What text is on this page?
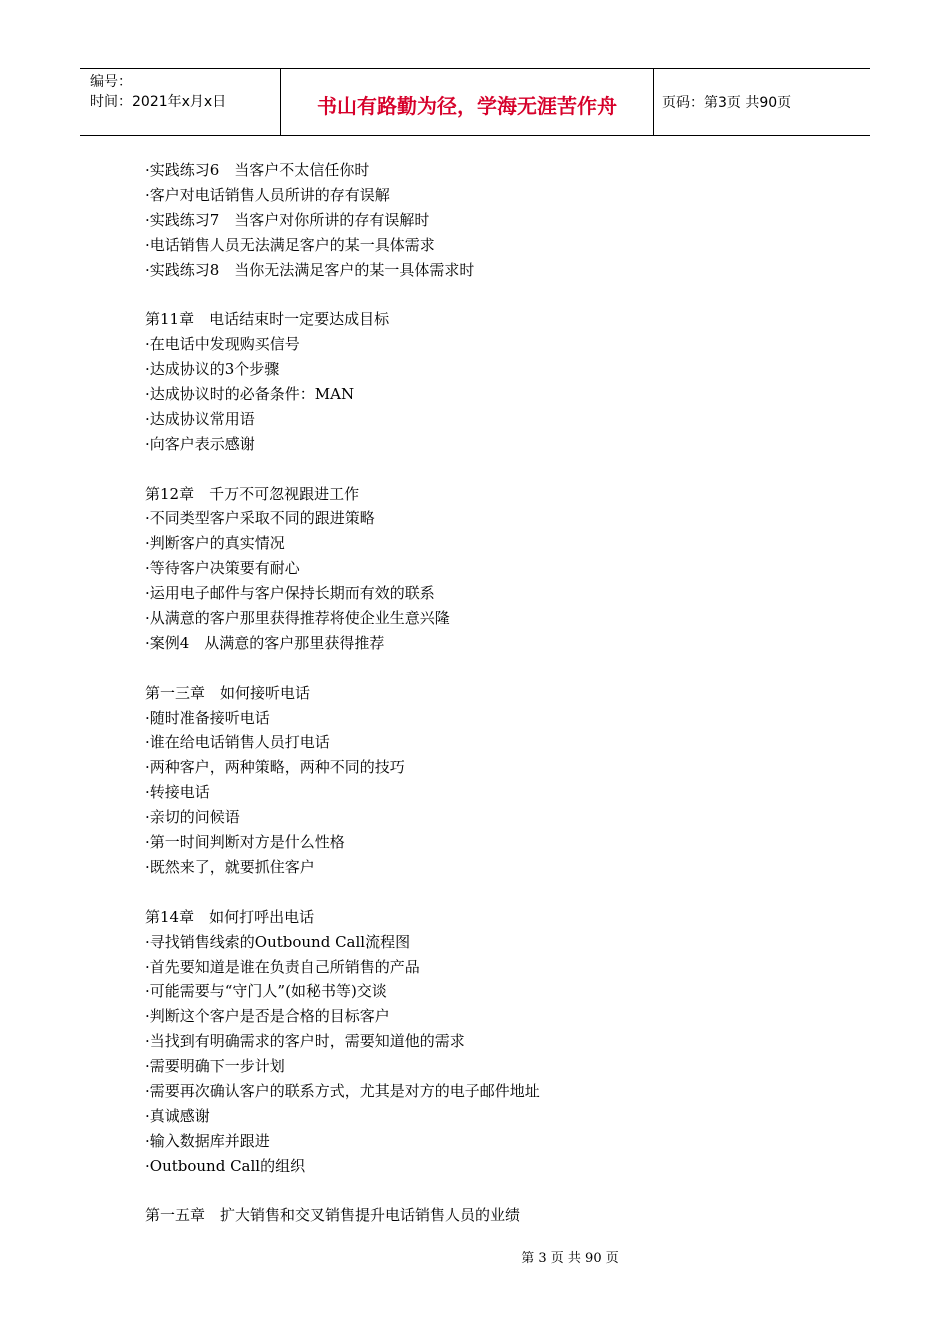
编号：
时间：2021年x月x日	书山有路勤为径，学海无涯苦作舟	页码：第3页 共90页
·实践练习6　当客户不太信任你时
·客户对电话销售人员所讲的存有误解
·实践练习7　当客户对你所讲的存有误解时
·电话销售人员无法满足客户的某一具体需求
·实践练习8　当你无法满足客户的某一具体需求时
第11章　电话结束时一定要达成目标
·在电话中发现购买信号
·达成协议的3个步骤
·达成协议时的必备条件：MAN
·达成协议常用语
·向客户表示感谢
第12章　千万不可忽视跟进工作
·不同类型客户采取不同的跟进策略
·判断客户的真实情况
·等待客户决策要有耐心
·运用电子邮件与客户保持长期而有效的联系
·从满意的客户那里获得推荐将使企业生意兴隆
·案例4　从满意的客户那里获得推荐
第一三章　如何接听电话
·随时准备接听电话
·谁在给电话销售人员打电话
·两种客户，两种策略，两种不同的技巧
·转接电话
·亲切的问候语
·第一时间判断对方是什么性格
·既然来了，就要抓住客户
第14章　如何打呼出电话
·寻找销售线索的Outbound Call流程图
·首先要知道是谁在负责自己所销售的产品
·可能需要与“守门人”(如秘书等)交谈
·判断这个客户是否是合格的目标客户
·当找到有明确需求的客户时，需要知道他的需求
·需要明确下一步计划
·需要再次确认客户的联系方式，尤其是对方的电子邮件地址
·真诚感谢
·输入数据库并跟进
·Outbound Call的组织
第一五章　扩大销售和交叉销售提升电话销售人员的业绩
第 3 页 共 90 页
